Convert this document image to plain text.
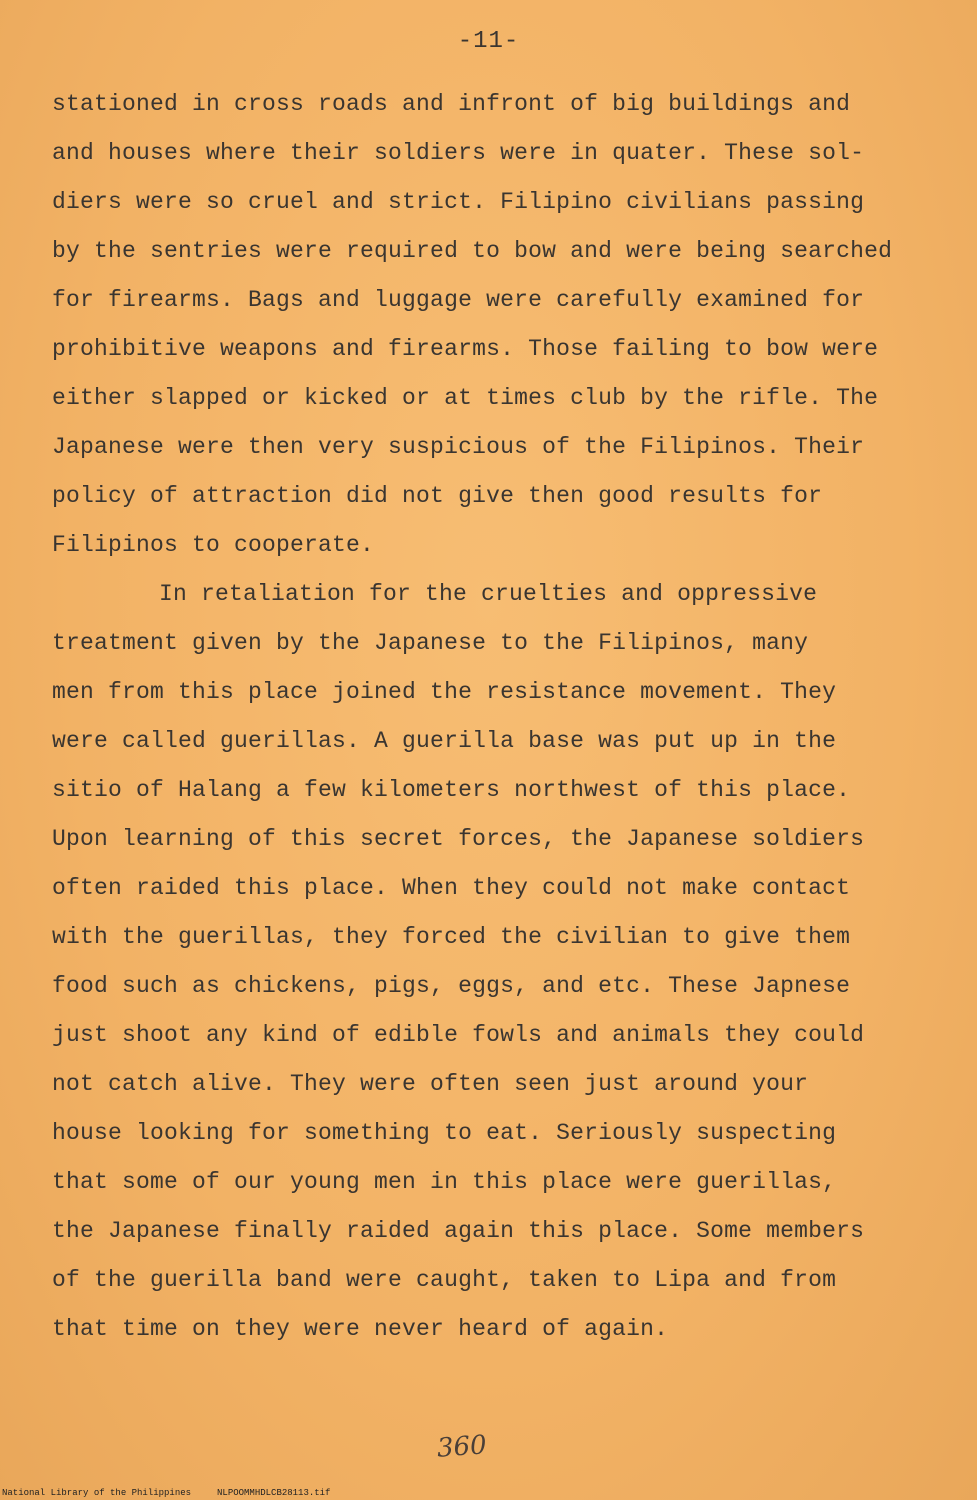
-11-
stationed in cross roads and infront of big buildings and
and houses where their soldiers were in quater. These sol-
diers were so cruel and strict. Filipino civilians passing
by the sentries were required to bow and were being searched
for firearms. Bags and luggage were carefully examined for
prohibitive weapons and firearms. Those failing to bow were
either slapped or kicked or at times club by the rifle. The
Japanese were then very suspicious of the Filipinos. Their
policy of attraction did not give then good results for
Filipinos to cooperate.
In retaliation for the cruelties and oppressive
treatment given by the Japanese to the Filipinos, many
men from this place joined the resistance movement. They
were called guerillas. A guerilla base was put up in the
sitio of Halang a few kilometers northwest of this place.
Upon learning of this secret forces, the Japanese soldiers
often raided this place. When they could not make contact
with the guerillas, they forced the civilian to give them
food such as chickens, pigs, eggs, and etc. These Japnese
just shoot any kind of edible fowls and animals they could
not catch alive. They were often seen just around your
house looking for something to eat. Seriously suspecting
that some of our young men in this place were guerillas,
the Japanese finally raided again this place. Some members
of the guerilla band were caught, taken to Lipa and from
that time on they were never heard of again.
360
National Library of the Philippines	NLPOOMMHDLCB28113.tif
